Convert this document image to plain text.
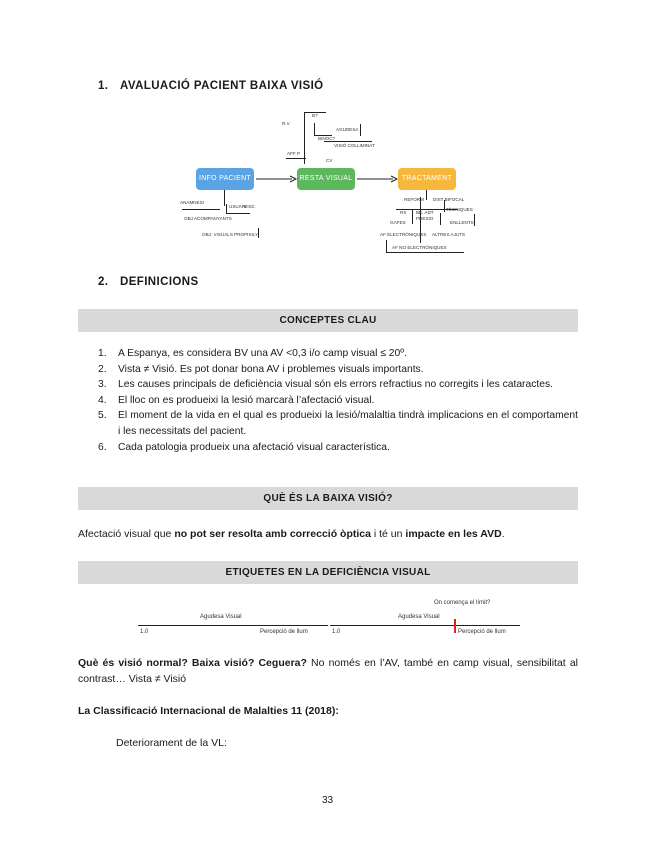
1. AVALUACIÓ PACIENT BAIXA VISIÓ
INFO PACIENT	RESTA VISUAL	TRACTAMENT
R.V
B?
AGUDESA
BINOC?
VISIÓ COLLIMINAT
AFF P
CV
ANAMNESI
USUARI
DISC
OBJ ACOMPANYANTS
OBJ. VISUALS PROPISILY
REFORM DIST BIFOCAL
TÈCNIQUES
RX BE. ADT
PRESIO
GAFES	ENLLENTS
AF ELECTRÒNIQUES ALTRES AJUTS
AF NO ELECTRÒNIQUES
2. DEFINICIONS
CONCEPTES CLAU
1. A Espanya, es considera BV una AV <0,3 i/o camp visual ≤ 20º.
2. Vista ≠ Visió. Es pot donar bona AV i problemes visuals importants.
3. Les causes principals de deficiència visual són els errors refractius no corregits i les cataractes.
4. El lloc on es produeixi la lesió marcarà l’afectació visual.
5. El moment de la vida en el qual es produeixi la lesió/malaltia tindrà implicacions en el comportament i les necessitats del pacient.
6. Cada patologia produeix una afectació visual característica.
QUÈ ÉS LA BAIXA VISIÓ?
Afectació visual que no pot ser resolta amb correcció òptica i té un impacte en les AVD.
ETIQUETES EN LA DEFICIÈNCIA VISUAL
Agudesa Visual
1.0	Percepció de llum
On comença el límit?
Agudesa Visual
1.0	Percepció de llum
Què és visió normal? Baixa visió? Ceguera? No només en l’AV, també en camp visual, sensibilitat al contrast… Vista ≠ Visió
La Classificació Internacional de Malalties 11 (2018):
Deteriorament de la VL:
33
